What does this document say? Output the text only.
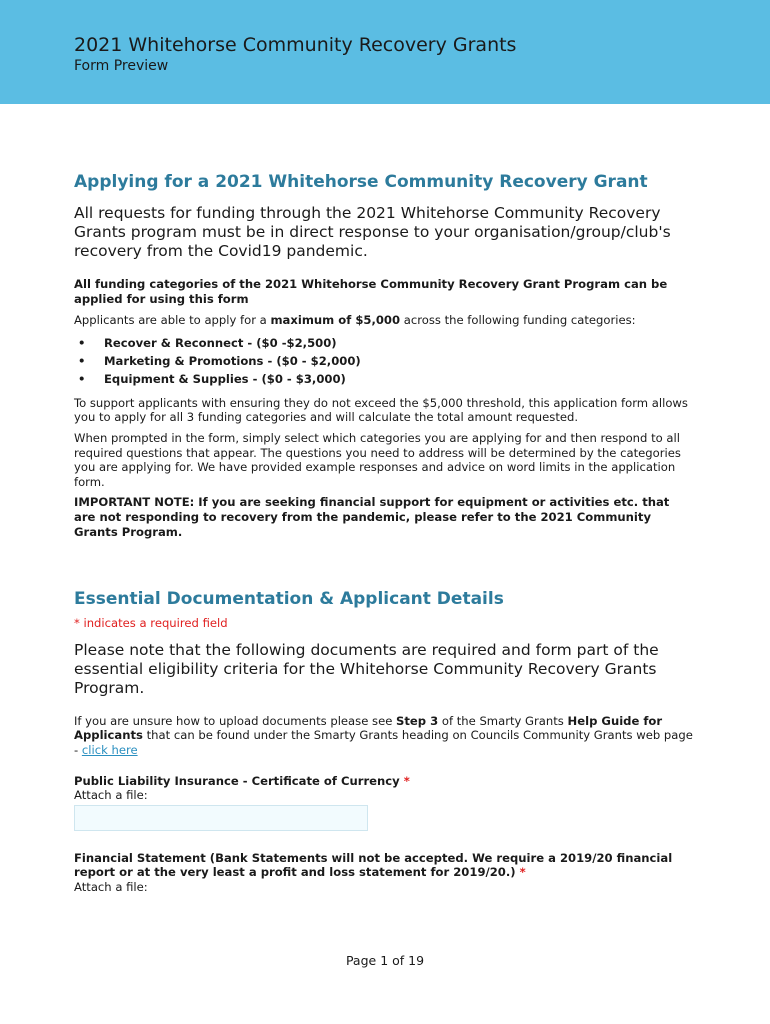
2021 Whitehorse Community Recovery Grants
Form Preview
Applying for a 2021 Whitehorse Community Recovery Grant

All requests for funding through the 2021 Whitehorse Community Recovery Grants program must be in direct response to your organisation/group/club's recovery from the Covid19 pandemic.

All funding categories of the 2021 Whitehorse Community Recovery Grant Program can be applied for using this form

Applicants are able to apply for a maximum of $5,000 across the following funding categories:

• Recover & Reconnect - ($0 -$2,500)
• Marketing & Promotions - ($0 - $2,000)
• Equipment & Supplies - ($0 - $3,000)

To support applicants with ensuring they do not exceed the $5,000 threshold, this application form allows you to apply for all 3 funding categories and will calculate the total amount requested.

When prompted in the form, simply select which categories you are applying for and then respond to all required questions that appear. The questions you need to address will be determined by the categories you are applying for. We have provided example responses and advice on word limits in the application form.

IMPORTANT NOTE: If you are seeking financial support for equipment or activities etc. that are not responding to recovery from the pandemic, please refer to the 2021 Community Grants Program.

Essential Documentation & Applicant Details

* indicates a required field

Please note that the following documents are required and form part of the essential eligibility criteria for the Whitehorse Community Recovery Grants Program.

If you are unsure how to upload documents please see Step 3 of the Smarty Grants Help Guide for Applicants that can be found under the Smarty Grants heading on Councils Community Grants web page - click here

Public Liability Insurance - Certificate of Currency *

Attach a file:

Financial Statement (Bank Statements will not be accepted. We require a 2019/20 financial report or at the very least a profit and loss statement for 2019/20.) *

Attach a file:

Page 1 of 19
